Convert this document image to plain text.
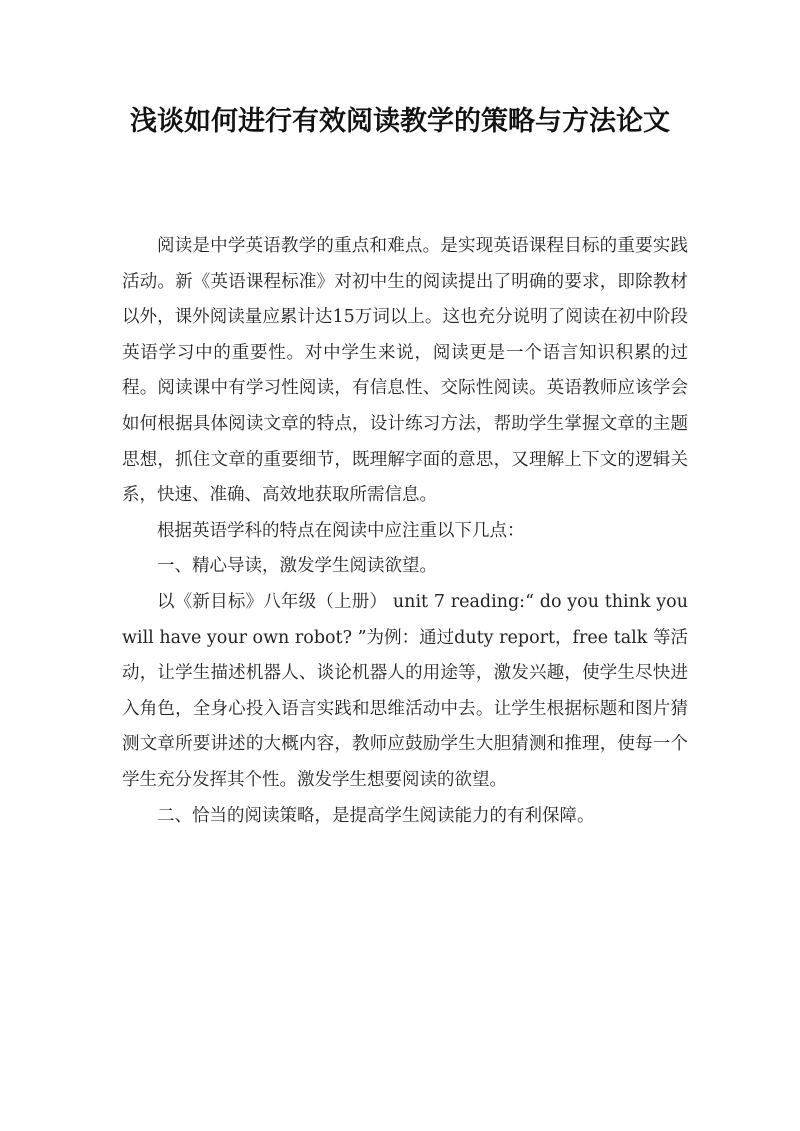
浅谈如何进行有效阅读教学的策略与方法论文

阅读是中学英语教学的重点和难点。是实现英语课程目标的重要实践活动。新《英语课程标准》对初中生的阅读提出了明确的要求，即除教材以外，课外阅读量应累计达15万词以上。这也充分说明了阅读在初中阶段英语学习中的重要性。对中学生来说，阅读更是一个语言知识积累的过程。阅读课中有学习性阅读，有信息性、交际性阅读。英语教师应该学会如何根据具体阅读文章的特点，设计练习方法，帮助学生掌握文章的主题思想，抓住文章的重要细节，既理解字面的意思，又理解上下文的逻辑关系，快速、准确、高效地获取所需信息。

根据英语学科的特点在阅读中应注重以下几点：

一、精心导读，激发学生阅读欲望。

以《新目标》八年级（上册） unit 7 reading:“ do you think you will have your own robot? ”为例：通过duty report，free talk 等活动，让学生描述机器人、谈论机器人的用途等，激发兴趣，使学生尽快进入角色，全身心投入语言实践和思维活动中去。让学生根据标题和图片猜测文章所要讲述的大概内容，教师应鼓励学生大胆猜测和推理，使每一个学生充分发挥其个性。激发学生想要阅读的欲望。

二、恰当的阅读策略，是提高学生阅读能力的有利保障。
